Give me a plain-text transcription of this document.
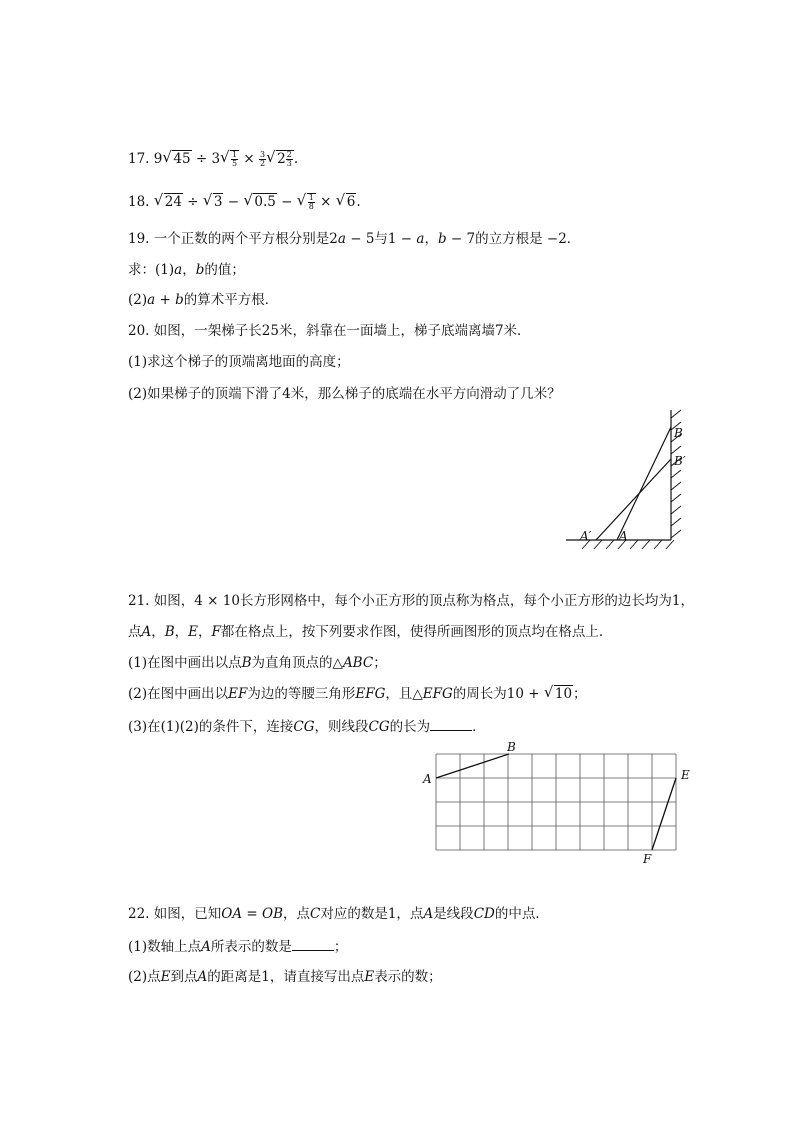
17. 9 √ 45 ÷ 3 √ $\frac{1}{5} \times \frac{3}{2}$ √ $2 \frac{2}{3}$ .
18. √ 24 ÷ √ 3 − √ 0.5 − √ $\frac{1}{8}$ × √ 6.
19. 一个正数的两个平方根分别是2a − 5与1 − a，b − 7的立方根是 −2．
求：(1)a，b的值；
(2)a + b的算术平方根．
20. 如图，一架梯子长25米，斜靠在一面墙上，梯子底端离墙7米．
(1)求这个梯子的顶端离地面的高度；
(2)如果梯子的顶端下滑了4米，那么梯子的底端在水平方向滑动了几米？
B
B′
A′ A
21. 如图，4 × 10长方形网格中，每个小正方形的顶点称为格点，每个小正方形的边长均为1，
点A，B，E，F都在格点上，按下列要求作图，使得所画图形的顶点均在格点上．
(1)在图中画出以点B为直角顶点的△ABC；
(2)在图中画出以EF为边的等腰三角形EFG，且△EFG的周长为10 + √ 10；
(3)在(1)(2)的条件下，连接CG，则线段CG的长为	．
A
B
E
F
22. 如图，已知OA = OB，点C对应的数是1，点A是线段CD的中点．
(1)数轴上点A所表示的数是	；
(2)点E到点A的距离是1，请直接写出点E表示的数；
